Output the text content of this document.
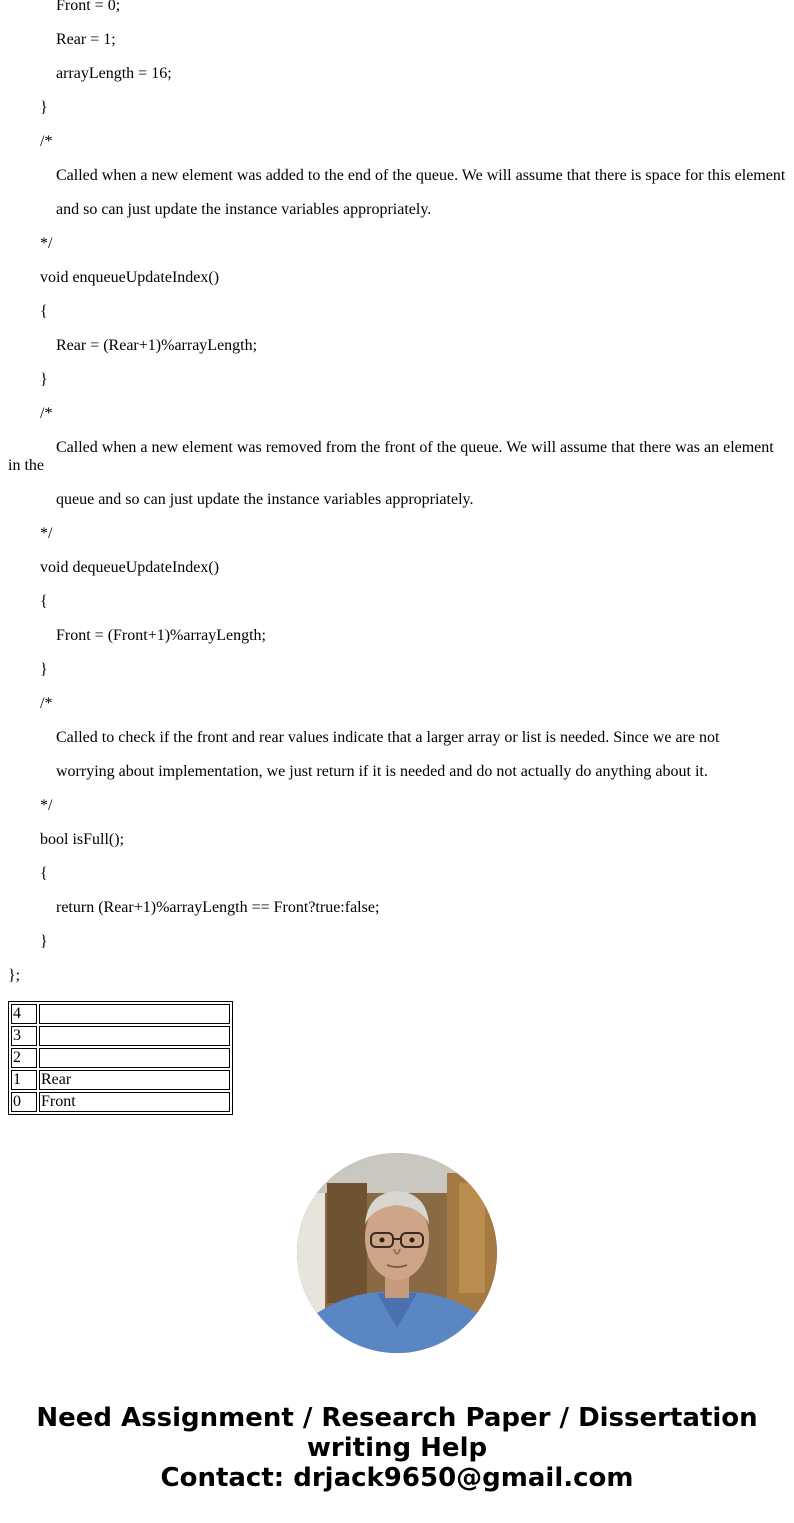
Front = 0;
Rear = 1;
arrayLength = 16;
}
/*
Called when a new element was added to the end of the queue. We will assume that there is space for this element
and so can just update the instance variables appropriately.
*/
void enqueueUpdateIndex()
{
Rear = (Rear+1)%arrayLength;
}
/*
Called when a new element was removed from the front of the queue. We will assume that there was an element in the
queue and so can just update the instance variables appropriately.
*/
void dequeueUpdateIndex()
{
Front = (Front+1)%arrayLength;
}
/*
Called to check if the front and rear values indicate that a larger array or list is needed. Since we are not
worrying about implementation, we just return if it is needed and do not actually do anything about it.
*/
bool isFull();
{
return (Rear+1)%arrayLength == Front?true:false;
}
};
4	
3	
2	
1	Rear
0	Front
Need Assignment / Research Paper / Dissertation
writing Help
Contact: drjack9650@gmail.com
